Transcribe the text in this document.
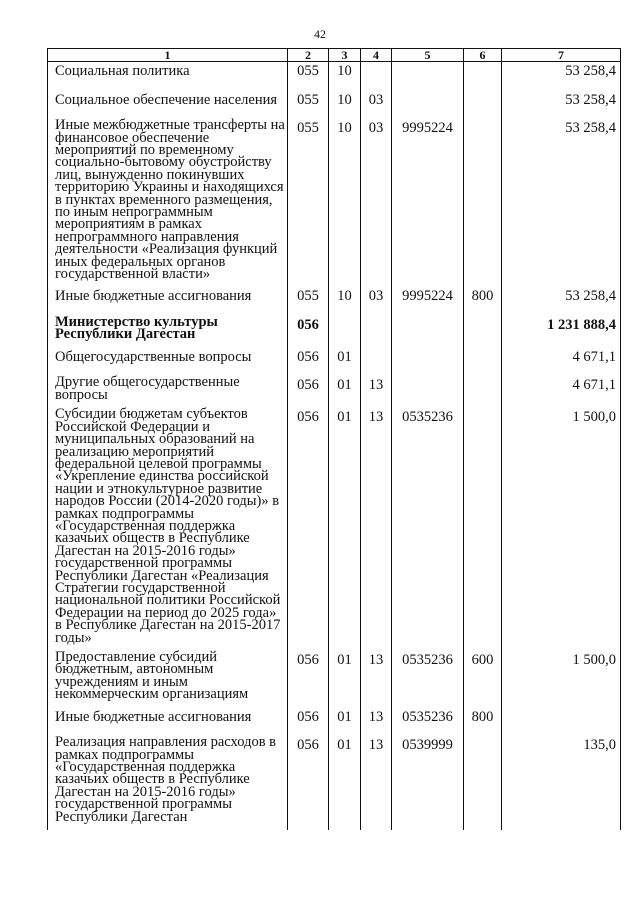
42
1	2	3	4	5	6	7
Социальная политика	055	10				53 258,4
Социальное обеспечение населения	055	10	03			53 258,4
Иные межбюджетные трансферты на финансовое обеспечение мероприятий по временному социально-бытовому обустройству лиц, вынужденно покинувших территорию Украины и находящихся в пунктах временного размещения, по иным непрограммным мероприятиям в рамках непрограммного направления деятельности «Реализация функций иных федеральных органов государственной власти»	055	10	03	9995224		53 258,4
Иные бюджетные ассигнования	055	10	03	9995224	800	53 258,4
Министерство культуры Республики Дагестан	056					1 231 888,4
Общегосударственные вопросы	056	01				4 671,1
Другие общегосударственные вопросы	056	01	13			4 671,1
Субсидии бюджетам субъектов Российской Федерации и муниципальных образований на реализацию мероприятий федеральной целевой программы «Укрепление единства российской нации и этнокультурное развитие народов России (2014-2020 годы)» в рамках подпрограммы «Государственная поддержка казачьих обществ в Республике Дагестан на 2015-2016 годы» государственной программы Республики Дагестан «Реализация Стратегии государственной национальной политики Российской Федерации на период до 2025 года» в Республике Дагестан на 2015-2017 годы»	056	01	13	0535236		1 500,0
Предоставление субсидий бюджетным, автономным учреждениям и иным некоммерческим организациям	056	01	13	0535236	600	1 500,0
Иные бюджетные ассигнования	056	01	13	0535236	800	
Реализация направления расходов в рамках подпрограммы «Государственная поддержка казачьих обществ в Республике Дагестан на 2015-2016 годы» государственной программы Республики Дагестан	056	01	13	0539999		135,0
